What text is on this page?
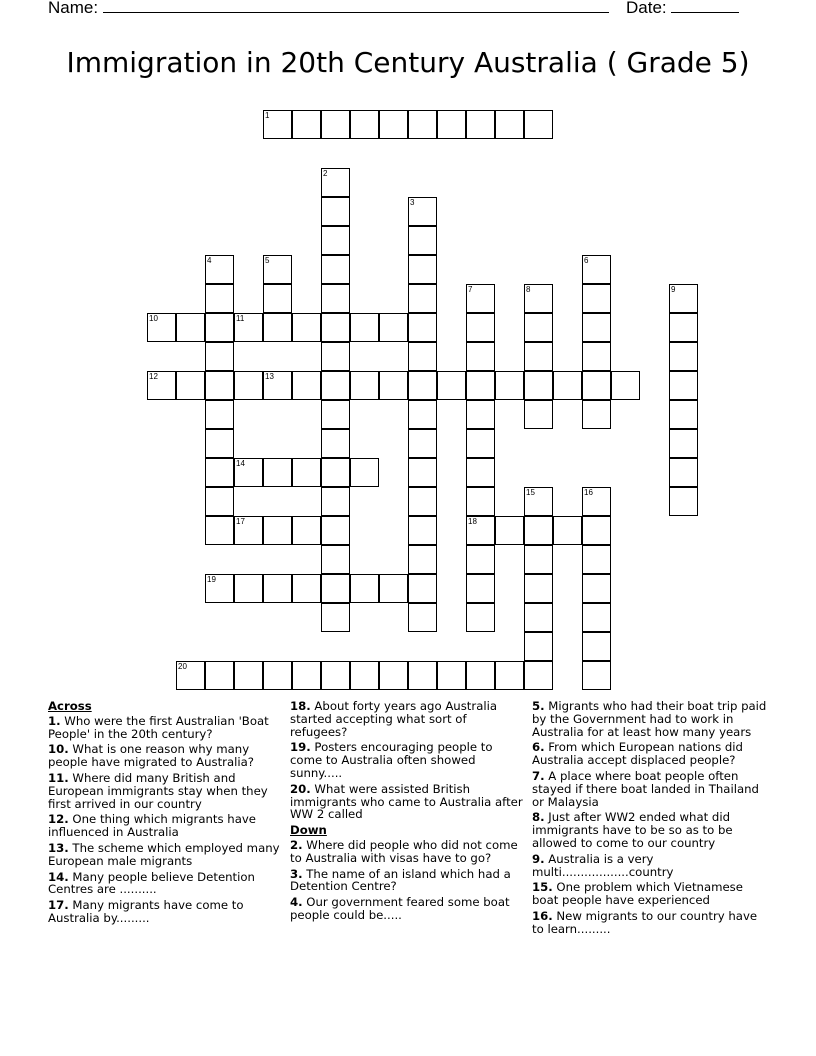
Name:	Date:
Immigration in 20th Century Australia ( Grade 5)
1
2
3
4	5	6
7
18
8	9
10	11
12	13
14
15	16
17
19
20
Across
1. Who were the first Australian 'Boat People' in the 20th century?
10. What is one reason why many people have migrated to Australia?
11. Where did many British and European immigrants stay when they first arrived in our country
12. One thing which migrants have influenced in Australia
13. The scheme which employed many European male migrants
14. Many people believe Detention Centres are ..........
17. Many migrants have come to Australia by.........
18. About forty years ago Australia started accepting what sort of refugees?
19. Posters encouraging people to come to Australia often showed sunny.....
20. What were assisted British immigrants who came to Australia after WW 2 called
Down
2. Where did people who did not come to Australia with visas have to go?
3. The name of an island which had a Detention Centre?
4. Our government feared some boat people could be.....
5. Migrants who had their boat trip paid by the Government had to work in Australia for at least how many years
6. From which European nations did Australia accept displaced people?
7. A place where boat people often stayed if there boat landed in Thailand or Malaysia
8. Just after WW2 ended what did immigrants have to be so as to be allowed to come to our country
9. Australia is a very multi..................country
15. One problem which Vietnamese boat people have experienced
16. New migrants to our country have to learn.........
